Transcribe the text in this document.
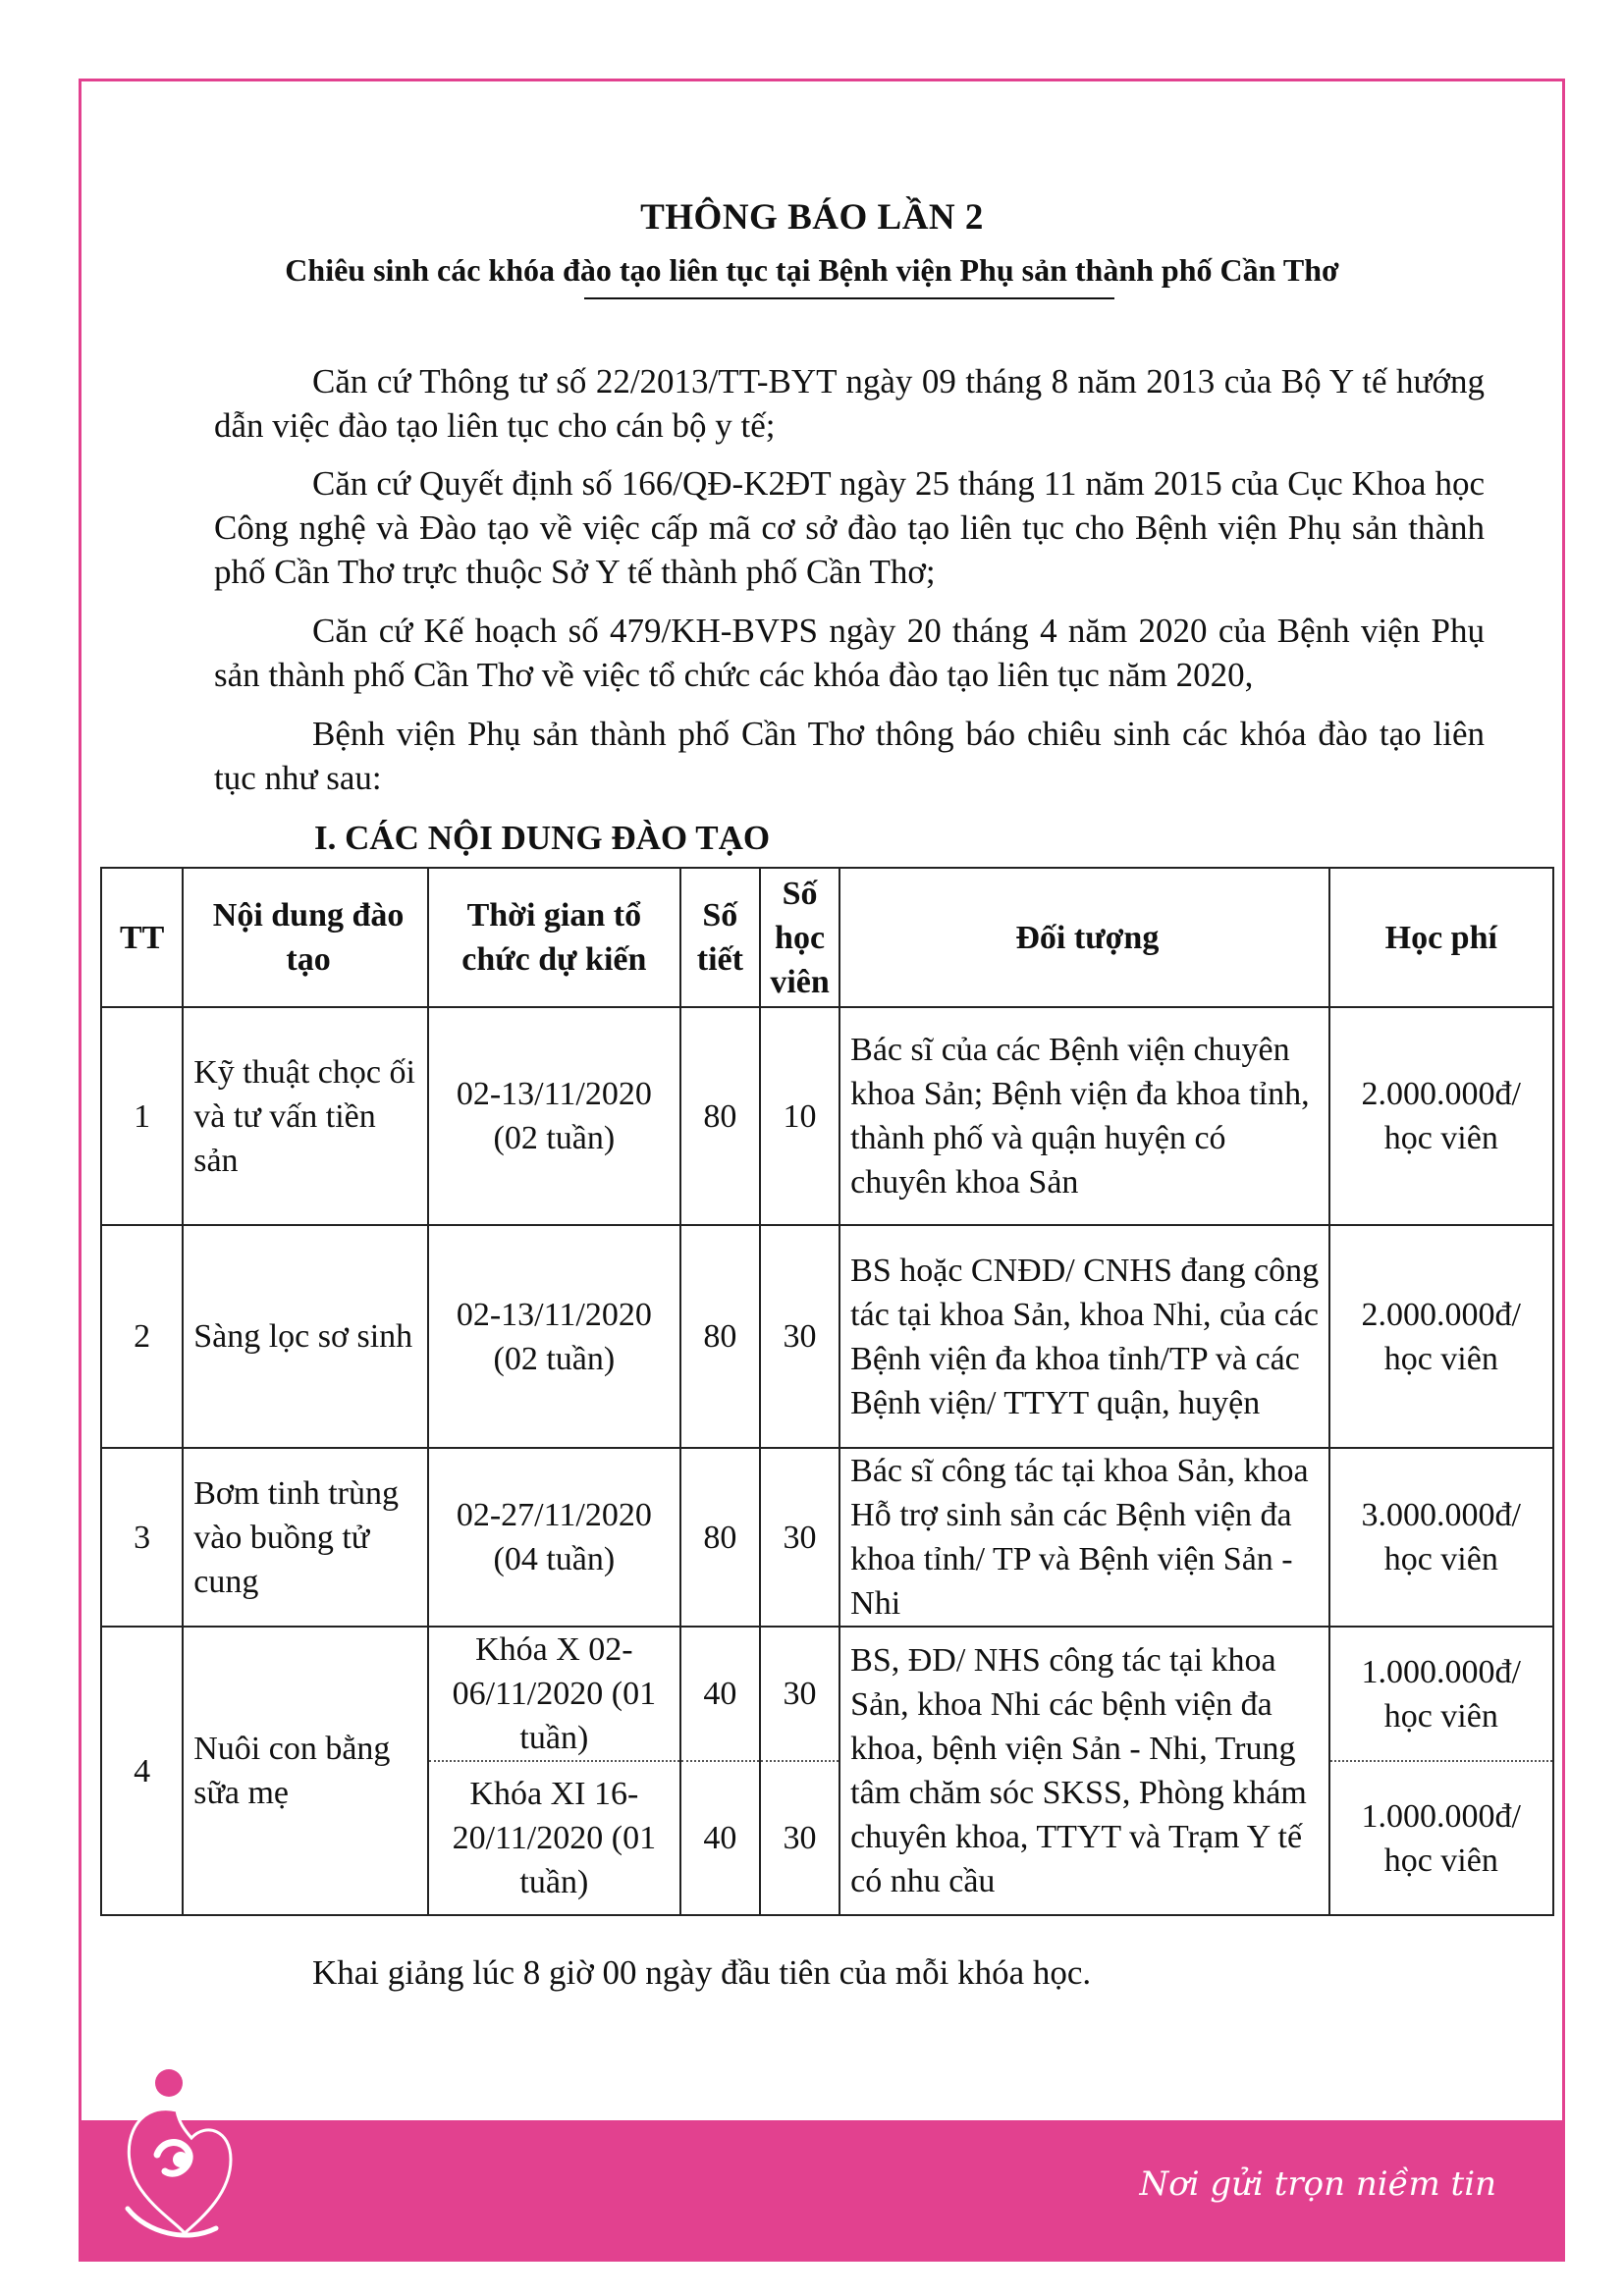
THÔNG BÁO LẦN 2
Chiêu sinh các khóa đào tạo liên tục tại Bệnh viện Phụ sản thành phố Cần Thơ
Căn cứ Thông tư số 22/2013/TT-BYT ngày 09 tháng 8 năm 2013 của Bộ Y tế hướng dẫn việc đào tạo liên tục cho cán bộ y tế;
Căn cứ Quyết định số 166/QĐ-K2ĐT ngày 25 tháng 11 năm 2015 của Cục Khoa học Công nghệ và Đào tạo về việc cấp mã cơ sở đào tạo liên tục cho Bệnh viện Phụ sản thành phố Cần Thơ trực thuộc Sở Y tế thành phố Cần Thơ;
Căn cứ Kế hoạch số 479/KH-BVPS ngày 20 tháng 4 năm 2020 của Bệnh viện Phụ sản thành phố Cần Thơ về việc tổ chức các khóa đào tạo liên tục năm 2020,
Bệnh viện Phụ sản thành phố Cần Thơ thông báo chiêu sinh các khóa đào tạo liên tục như sau:
I. CÁC NỘI DUNG ĐÀO TẠO
TT	Nội dung đào tạo	Thời gian tổ chức dự kiến	Số tiết	Số học viên	Đối tượng	Học phí
1	Kỹ thuật chọc ối và tư vấn tiền sản	02-13/11/2020 (02 tuần)	80	10	Bác sĩ của các Bệnh viện chuyên khoa Sản; Bệnh viện đa khoa tỉnh, thành phố và quận huyện có chuyên khoa Sản	2.000.000đ/ học viên
2	Sàng lọc sơ sinh	02-13/11/2020 (02 tuần)	80	30	BS hoặc CNĐD/ CNHS đang công tác tại khoa Sản, khoa Nhi, của các Bệnh viện đa khoa tỉnh/TP và các Bệnh viện/ TTYT quận, huyện	2.000.000đ/ học viên
3	Bơm tinh trùng vào buồng tử cung	02-27/11/2020 (04 tuần)	80	30	Bác sĩ công tác tại khoa Sản, khoa Hỗ trợ sinh sản các Bệnh viện đa khoa tỉnh/ TP và Bệnh viện Sản - Nhi	3.000.000đ/ học viên
4	Nuôi con bằng sữa mẹ	Khóa X 02-06/11/2020 (01 tuần)	40	30	BS, ĐD/ NHS công tác tại khoa Sản, khoa Nhi các bệnh viện đa khoa, bệnh viện Sản - Nhi, Trung tâm chăm sóc SKSS, Phòng khám chuyên khoa, TTYT và Trạm Y tế có nhu cầu	1.000.000đ/ học viên
		Khóa XI 16-20/11/2020 (01 tuần)	40	30		1.000.000đ/ học viên
Khai giảng lúc 8 giờ 00 ngày đầu tiên của mỗi khóa học.
Nơi gửi trọn niềm tin
